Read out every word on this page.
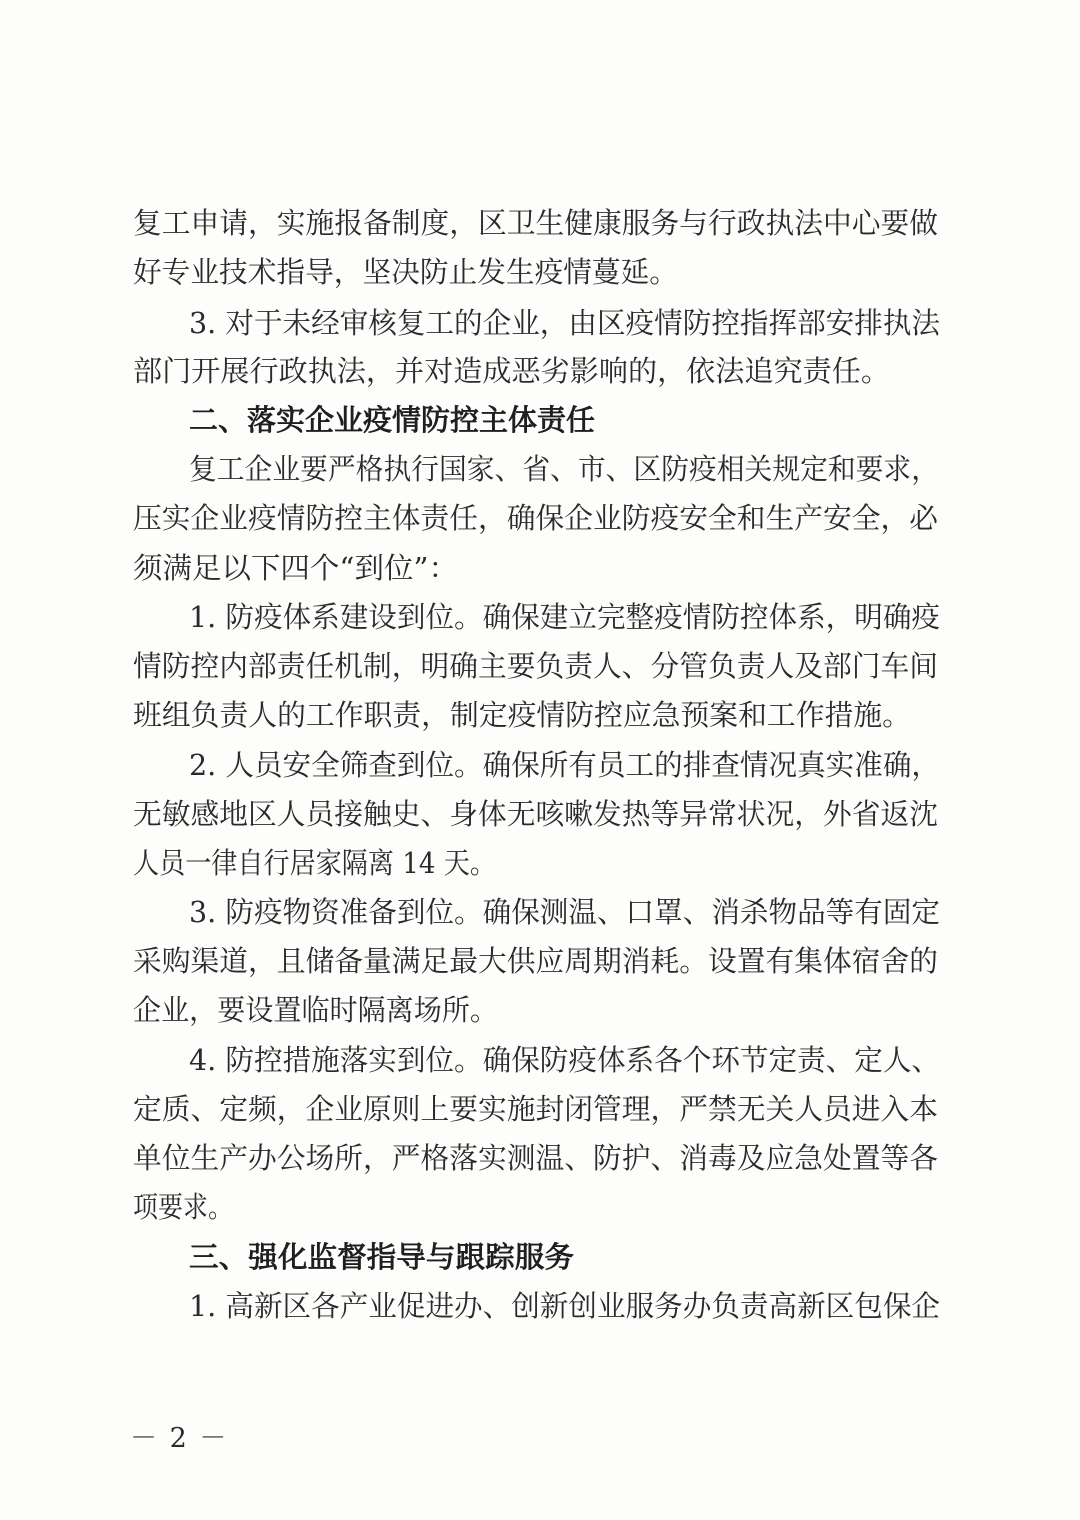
复工申请，实施报备制度，区卫生健康服务与行政执法中心要做
好专业技术指导，坚决防止发生疫情蔓延。
3. 对于未经审核复工的企业，由区疫情防控指挥部安排执法
部门开展行政执法，并对造成恶劣影响的，依法追究责任。
二、落实企业疫情防控主体责任
复工企业要严格执行国家、省、市、区防疫相关规定和要求，
压实企业疫情防控主体责任，确保企业防疫安全和生产安全，必
须满足以下四个“到位”：
1. 防疫体系建设到位。确保建立完整疫情防控体系，明确疫
情防控内部责任机制，明确主要负责人、分管负责人及部门车间
班组负责人的工作职责，制定疫情防控应急预案和工作措施。
2. 人员安全筛查到位。确保所有员工的排查情况真实准确，
无敏感地区人员接触史、身体无咳嗽发热等异常状况，外省返沈
人员一律自行居家隔离 14 天。
3. 防疫物资准备到位。确保测温、口罩、消杀物品等有固定
采购渠道，且储备量满足最大供应周期消耗。设置有集体宿舍的
企业，要设置临时隔离场所。
4. 防控措施落实到位。确保防疫体系各个环节定责、定人、
定质、定频，企业原则上要实施封闭管理，严禁无关人员进入本
单位生产办公场所，严格落实测温、防护、消毒及应急处置等各
项要求。
三、强化监督指导与跟踪服务
1. 高新区各产业促进办、创新创业服务办负责高新区包保企
－ 2 －
